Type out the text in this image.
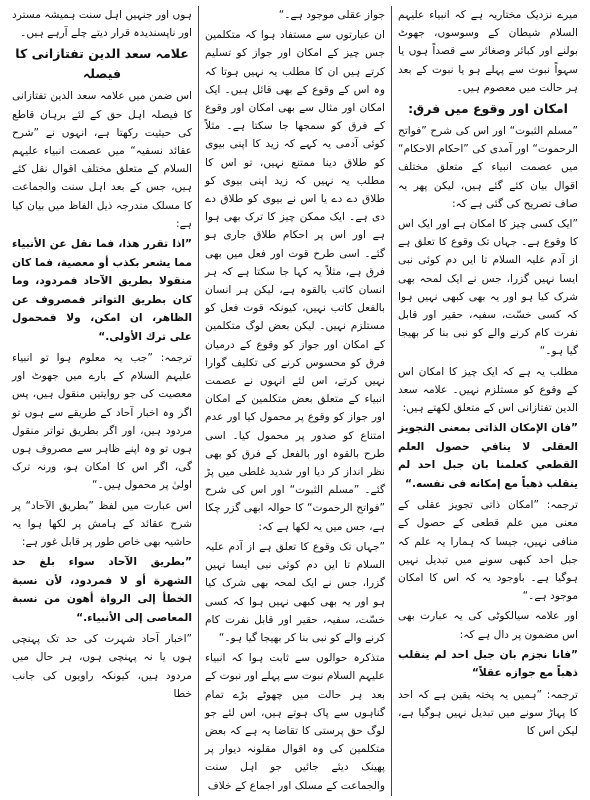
میرے نزدیک مختاریہ ہے کہ انبیاء علیہم السلام شیطان کے وسوسوں، جھوٹ بولنے اور کبائر وصغائر سے قصداً ہوں یا سہواً نبوت سے پہلے ہو یا نبوت کے بعد ہر حالت میں معصوم ہیں۔

امکان اور وقوع میں فرق:

”مسلم الثبوت“ اور اس کی شرح ”فواتح الرحموت“ اور آمدی کی ”احکام الاحکام“ میں عصمت انبیاء کے متعلق مختلف اقوال بیان کئے گئے ہیں، لیکن پھر یہ صاف تصریح کی گئی ہے کہ:

”ایک کسی چیز کا امکان ہے اور ایک اس کا وقوع ہے۔ جہاں تک وقوع کا تعلق ہے از آدم علیہ السلام تا ایں دم کوئی نبی ایسا نہیں گزرا، جس نے ایک لمحہ بھی شرک کیا ہو اور یہ بھی کبھی نہیں ہوا کہ کسی خسّت، سفیہ، حقیر اور قابل نفرت کام کرنے والے کو نبی بنا کر بھیجا گیا ہو۔“

مطلب یہ ہے کہ ایک چیز کا امکان اس کے وقوع کو مستلزم نہیں۔ علامہ سعد الدین تفتازانی اس کے متعلق لکھتے ہیں:

”فان الإمكان الذاتى بمعنى التجويز العقلى لا ينافي حصول العلم القطعي كعلمنا بان جبل احد لم ينقلب ذهباً مع إمكانه فى نفسه.“

ترجمہ: ”امکان ذاتی تجویز عقلی کے معنی میں علم قطعی کے حصول کے منافی نہیں، جیسا کہ ہمارا یہ علم کہ جبل احد کبھی سونے میں تبدیل نہیں ہوگیا ہے۔ باوجود یہ کہ اس کا امکان موجود ہے۔“

اور علامہ سیالکوٹی کی یہ عبارت بھی اس مضمون پر دال ہے کہ:

”فانا نجزم بان جبل احد لم ينقلب ذهباً مع جوازه عقلاً“

ترجمہ: ”ہمیں یہ پختہ یقین ہے کہ احد کا پہاڑ سونے میں تبدیل نہیں ہوگیا ہے، لیکن اس کا

جواز عقلی موجود ہے۔“

ان عبارتوں سے مستفاد ہوا کہ متکلمین جس چیز کے امکان اور جواز کو تسلیم کرتے ہیں ان کا مطلب یہ نہیں ہوتا کہ وہ اس کے وقوع کے بھی قائل ہیں۔ ایک امکان اور مثال سے بھی امکان اور وقوع کے فرق کو سمجھا جا سکتا ہے۔ مثلاً کوئی آدمی یہ کہے کہ زید کا اپنی بیوی کو طلاق دینا ممتنع نہیں، تو اس کا مطلب یہ نہیں کہ زید اپنی بیوی کو طلاق دے دے یا اس نے بیوی کو طلاق دے دی ہے۔ ایک ممکن چیز کا ترک بھی ہوا ہے اور اس پر احکام طلاق جاری ہو گئے۔ اسی طرح قوت اور فعل میں بھی فرق ہے، مثلاً یہ کہا جا سکتا ہے کہ ہر انسان کاتب بالقوہ ہے، لیکن ہر انسان بالفعل کاتب نہیں، کیونکہ قوت فعل کو مستلزم نہیں۔ لیکن بعض لوگ متکلمین کے امکان اور جواز کو وقوع کے درمیان فرق کو محسوس کرنے کی تکلیف گوارا نہیں کرتے، اس لئے انہوں نے عصمت انبیاء کے متعلق بعض متکلمین کے امکان اور جواز کو وقوع پر محمول کیا اور عدم امتناع کو صدور پر محمول کیا۔ اسی طرح بالقوہ اور بالفعل کے فرق کو بھی نظر انداز کر دیا اور شدید غلطی میں پڑ گئے۔ ”مسلم الثبوت“ اور اس کی شرح ”فواتح الرحموت“ کا حوالہ ابھی گزر چکا ہے، جس میں یہ لکھا ہے کہ:

”جہاں تک وقوع کا تعلق ہے از آدم علیہ السلام تا ایں دم کوئی نبی ایسا نہیں گزرا، جس نے ایک لمحہ بھی شرک کیا ہو اور یہ بھی کبھی نہیں ہوا کہ کسی خسّت، سفیہ، حقیر اور قابل نفرت کام کرنے والے کو نبی بنا کر بھیجا گیا ہو۔“

متذکرہ حوالوں سے ثابت ہوا کہ انبیاء علیہم السلام نبوت سے پہلے اور نبوت کے بعد ہر حالت میں چھوٹے بڑے تمام گناہوں سے پاک ہوتے ہیں، اس لئے جو لوگ حق پرستی کا تقاضا یہ ہے کہ بعض متکلمین کی وہ اقوال مقلونہ دیوار پر پھینک دیئے جائیں جو اہل سنت والجماعت کے مسلک اور اجماع کے خلاف

ہوں اور جنہیں اہل سنت ہمیشہ مسترد اور ناپسندیدہ قرار دیتے چلے آرہے ہیں۔

علامہ سعد الدین تفتازانی کا فیصلہ

اس ضمن میں علامہ سعد الدین تفتازانی کا فیصلہ اہل حق کے لئے برہان قاطع کی حیثیت رکھتا ہے، انہوں نے ”شرح عقائد نسفیہ“ میں عصمت انبیاء علیہم السلام کے متعلق مختلف اقوال نقل کئے ہیں، جس کے بعد اہل سنت والجماعت کا مسلک مندرجہ ذیل الفاظ میں بیان کیا ہے:

”اذا تقرر هذا، فما نقل عن الأنبياء مما يشعر بكذب أو معصية، فما كان منقولا بطريق الآحاد فمردود، وما كان بطريق التواتر فمصروف عن الظاهر، ان امكن، ولا فمحمول على ترك الأولى.“

ترجمہ: ”جب یہ معلوم ہوا تو انبیاء علیہم السلام کے بارے میں جھوٹ اور معصیت کی جو روایتیں منقول ہیں، پس اگر وہ اخبار آحاد کے طریقے سے ہوں تو مردود ہیں، اور اگر بطریق تواتر منقول ہوں تو وہ اپنے ظاہر سے مصروف ہوں گی، اگر اس کا امکان ہو، ورنہ ترک اولیٰ پر محمول ہیں۔“

اس عبارت میں لفظ ”بطریق الآحاد“ پر شرح عقائد کے ہامش پر لکھا ہوا یہ حاشیہ بھی خاص طور پر قابل غور ہے:

”بطريق الآحاد سواء بلغ حد الشهرة أو لا فمردود، لأن نسبة الخطأ إلى الرواة أهون من نسبة المعاصى إلى الأنبياء.“

”اخبار آحاد شہرت کی حد تک پہنچی ہوں یا نہ پہنچی ہوں، ہر حال میں مردود ہیں، کیونکہ راویوں کی جانب خطا
